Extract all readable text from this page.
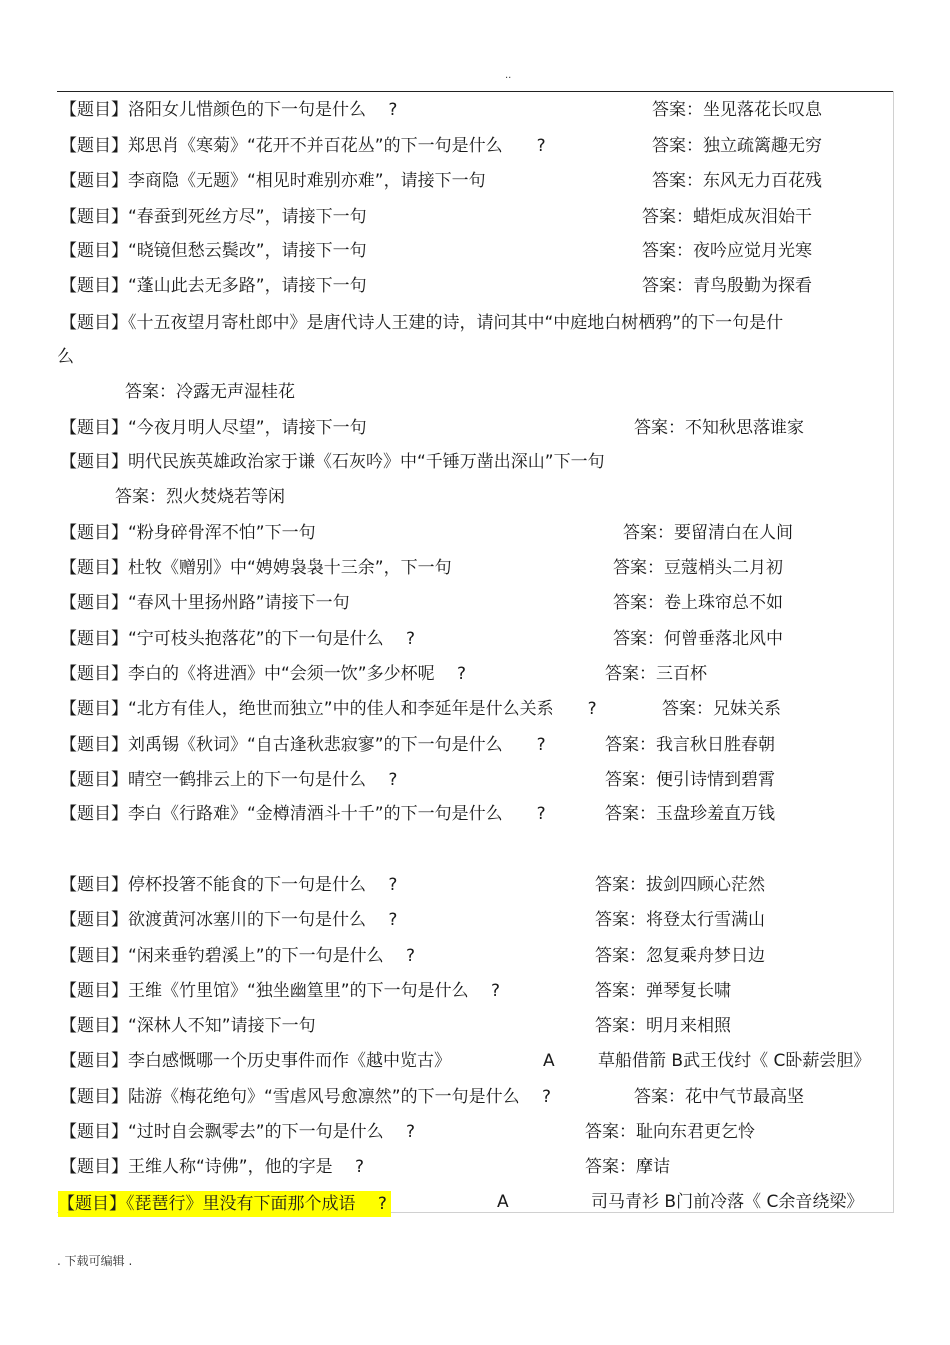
..
【题目】洛阳女儿惜颜色的下一句是什么　 ?	答案：坐见落花长叹息
【题目】郑思肖《寒菊》“花开不并百花丛”的下一句是什么　　?	答案：独立疏篱趣无穷
【题目】李商隐《无题》“相见时难别亦难”，请接下一句	答案：东风无力百花残
【题目】“春蚕到死丝方尽”，请接下一句	答案：蜡炬成灰泪始干
【题目】“晓镜但愁云鬓改”，请接下一句	答案：夜吟应觉月光寒
【题目】“蓬山此去无多路”，请接下一句	答案：青鸟殷勤为探看
【题目】《十五夜望月寄杜郎中》是唐代诗人王建的诗，请问其中“中庭地白树栖鸦”的下一句是什
么
答案：冷露无声湿桂花
【题目】“今夜月明人尽望”，请接下一句	答案：不知秋思落谁家
【题目】明代民族英雄政治家于谦《石灰吟》中“千锤万凿出深山”下一句
答案：烈火焚烧若等闲
【题目】“粉身碎骨浑不怕”下一句	答案：要留清白在人间
【题目】杜牧《赠别》中“娉娉袅袅十三余”，下一句	答案：豆蔻梢头二月初
【题目】“春风十里扬州路”请接下一句	答案：卷上珠帘总不如
【题目】“宁可枝头抱落花”的下一句是什么　 ?	答案：何曾垂落北风中
【题目】李白的《将进酒》中“会须一饮”多少杯呢　 ?	答案：三百杯
【题目】“北方有佳人，绝世而独立”中的佳人和李延年是什么关系　　?	答案：兄妹关系
【题目】刘禹锡《秋词》“自古逢秋悲寂寥”的下一句是什么　　?	答案：我言秋日胜春朝
【题目】晴空一鹤排云上的下一句是什么　 ?	答案：便引诗情到碧霄
【题目】李白《行路难》“金樽清酒斗十千”的下一句是什么　　?	答案：玉盘珍羞直万钱
【题目】停杯投箸不能食的下一句是什么　 ?	答案：拔剑四顾心茫然
【题目】欲渡黄河冰塞川的下一句是什么　 ?	答案：将登太行雪满山
【题目】“闲来垂钓碧溪上”的下一句是什么　 ?	答案：忽复乘舟梦日边
【题目】王维《竹里馆》“独坐幽篁里”的下一句是什么　 ?	答案：弹琴复长啸
【题目】“深林人不知”请接下一句	答案：明月来相照
【题目】李白感慨哪一个历史事件而作《越中览古》	A	草船借箭 B武王伐纣《 C卧薪尝胆》
【题目】陆游《梅花绝句》“雪虐风号愈凛然”的下一句是什么　 ?	答案：花中气节最高坚
【题目】“过时自会飘零去”的下一句是什么　 ?	答案：耻向东君更乞怜
【题目】王维人称“诗佛”，他的字是　 ?	答案：摩诘
【题目】《琵琶行》里没有下面那个成语　 ?	A	司马青衫 B门前冷落《 C余音绕梁》
. 下载可编辑 .
